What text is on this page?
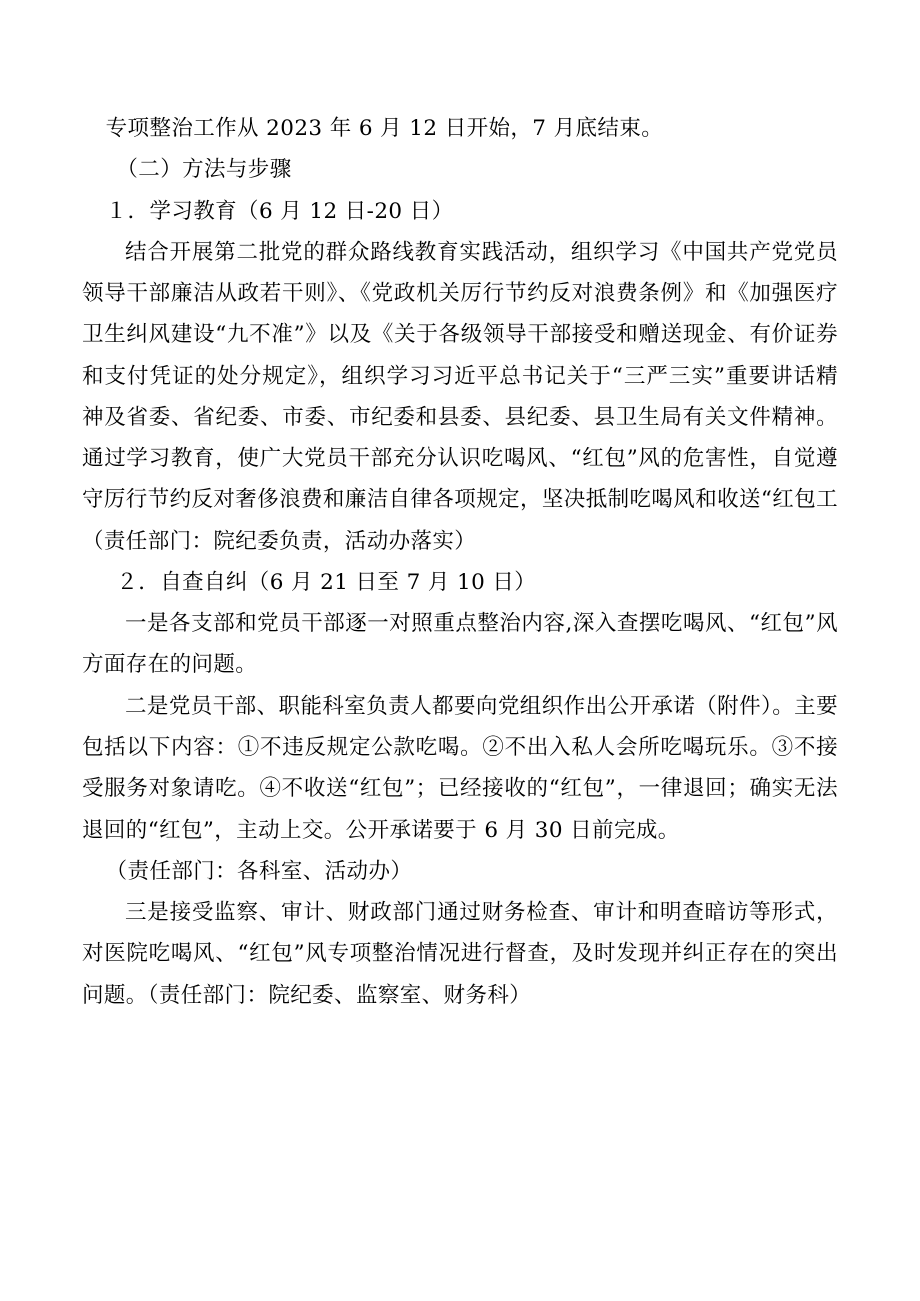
专项整治工作从 2023 年 6 月 12 日开始，7 月底结束。

（二）方法与步骤

１．学习教育（6 月 12 日-20 日）

结合开展第二批党的群众路线教育实践活动，组织学习《中国共产党党员领导干部廉洁从政若干则》、《党政机关厉行节约反对浪费条例》和《加强医疗卫生纠风建设“九不准”》以及《关于各级领导干部接受和赠送现金、有价证券和支付凭证的处分规定》，组织学习习近平总书记关于“三严三实”重要讲话精神及省委、省纪委、市委、市纪委和县委、县纪委、县卫生局有关文件精神。通过学习教育，使广大党员干部充分认识吃喝风、“红包”风的危害性，自觉遵守厉行节约反对奢侈浪费和廉洁自律各项规定，坚决抵制吃喝风和收送“红包工（责任部门：院纪委负责，活动办落实）

２．自查自纠（6 月 21 日至 7 月 10 日）

一是各支部和党员干部逐一对照重点整治内容,深入查摆吃喝风、“红包”风方面存在的问题。

二是党员干部、职能科室负责人都要向党组织作出公开承诺（附件）。主要包括以下内容：①不违反规定公款吃喝。②不出入私人会所吃喝玩乐。③不接受服务对象请吃。④不收送“红包”；已经接收的“红包”，一律退回；确实无法退回的“红包”，主动上交。公开承诺要于 6 月 30 日前完成。

（责任部门：各科室、活动办）

三是接受监察、审计、财政部门通过财务检查、审计和明查暗访等形式，对医院吃喝风、“红包”风专项整治情况进行督查，及时发现并纠正存在的突出问题。（责任部门：院纪委、监察室、财务科）
